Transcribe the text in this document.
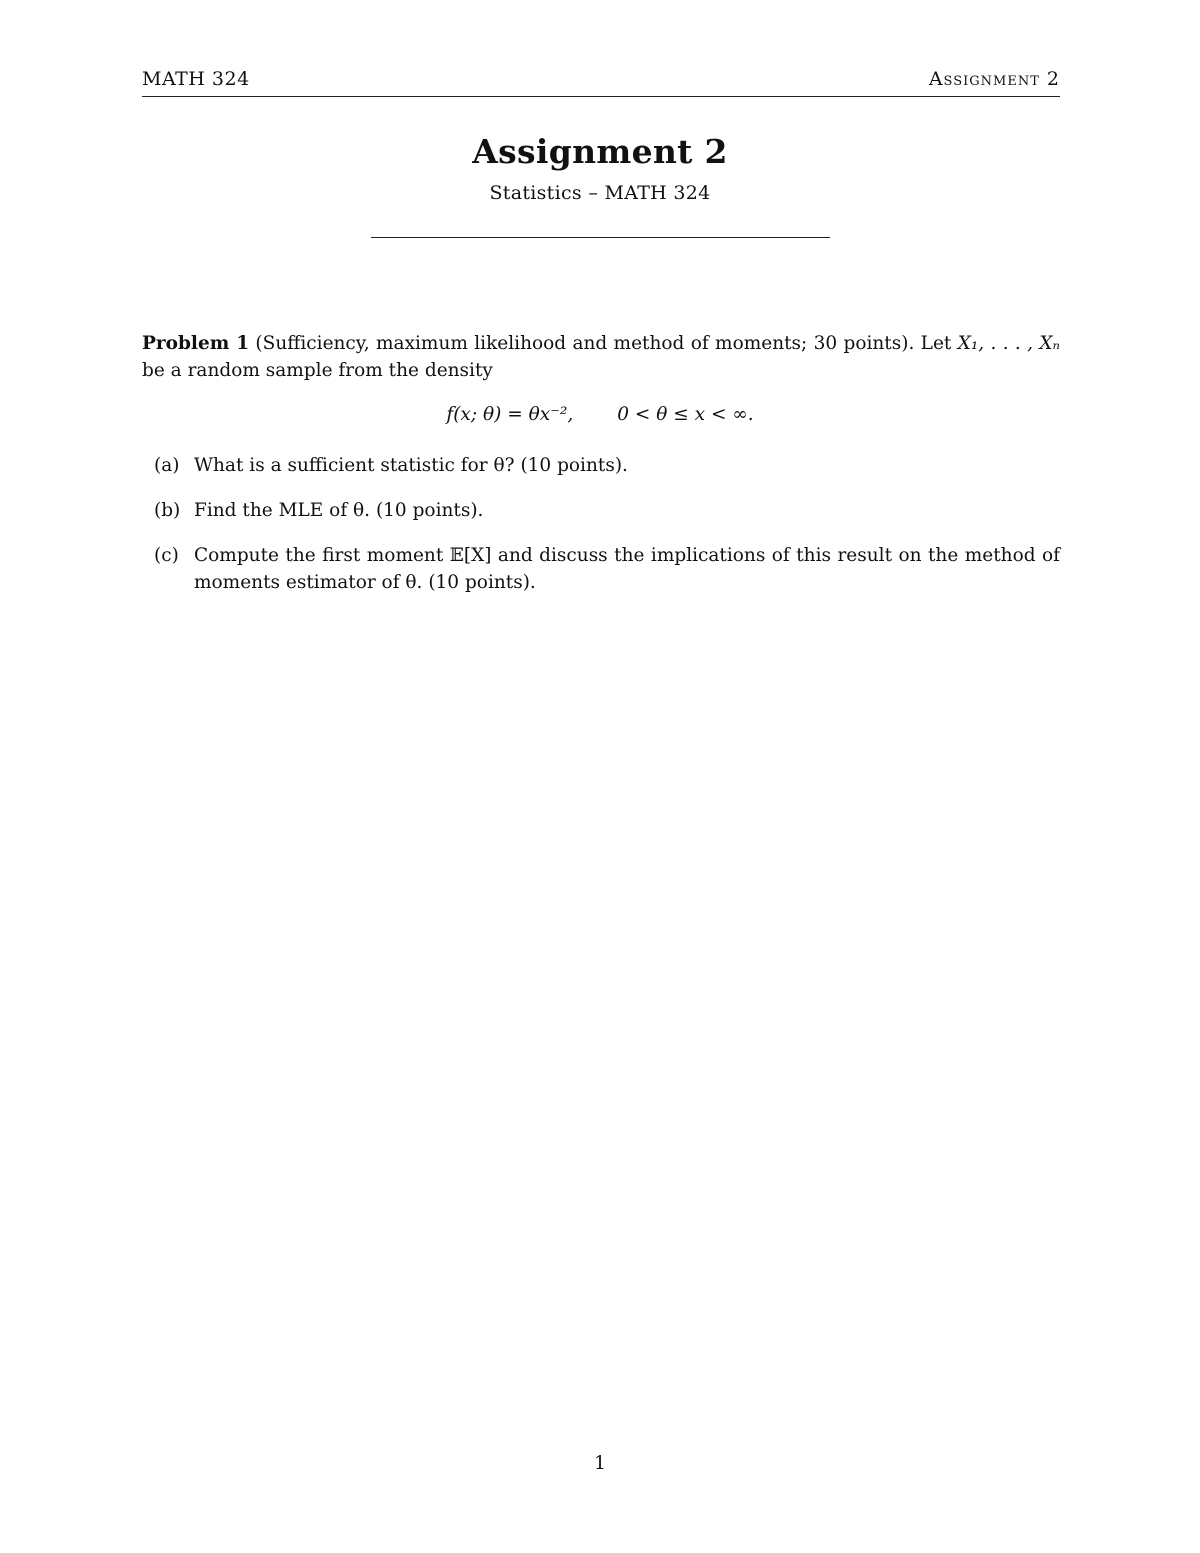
MATH 324	Assignment 2
Assignment 2
Statistics – MATH 324
Problem 1 (Sufficiency, maximum likelihood and method of moments; 30 points). Let X₁, . . . , Xₙ be a random sample from the density
f(x; θ) = θx⁻², 0 < θ ≤ x < ∞.
(a) What is a sufficient statistic for θ? (10 points).
(b) Find the MLE of θ. (10 points).
(c) Compute the first moment 𝔼[X] and discuss the implications of this result on the method of moments estimator of θ. (10 points).
1
